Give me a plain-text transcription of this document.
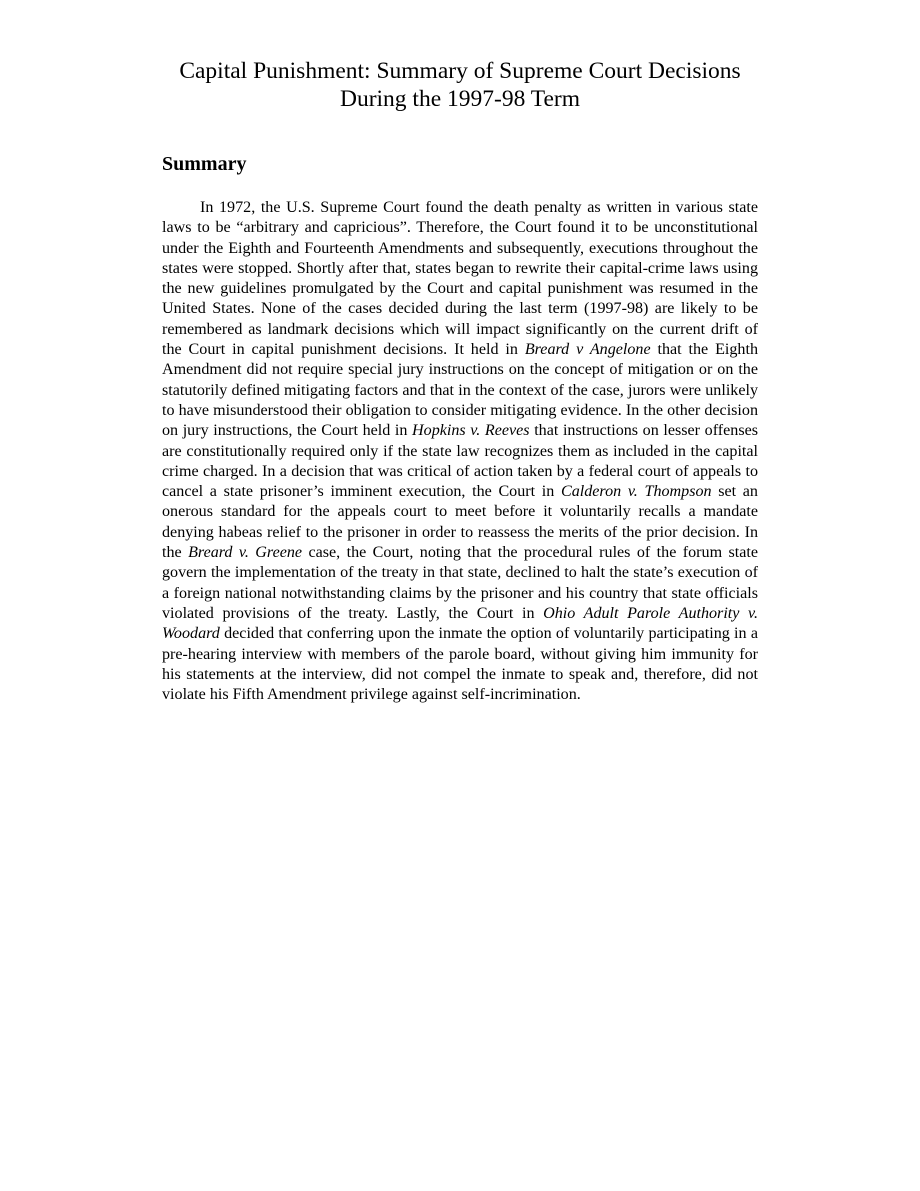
Capital Punishment: Summary of Supreme Court Decisions
During the 1997-98 Term
Summary

In 1972, the U.S. Supreme Court found the death penalty as written in various state laws to be “arbitrary and capricious”. Therefore, the Court found it to be unconstitutional under the Eighth and Fourteenth Amendments and subsequently, executions throughout the states were stopped. Shortly after that, states began to rewrite their capital-crime laws using the new guidelines promulgated by the Court and capital punishment was resumed in the United States. None of the cases decided during the last term (1997-98) are likely to be remembered as landmark decisions which will impact significantly on the current drift of the Court in capital punishment decisions. It held in Breard v Angelone that the Eighth Amendment did not require special jury instructions on the concept of mitigation or on the statutorily defined mitigating factors and that in the context of the case, jurors were unlikely to have misunderstood their obligation to consider mitigating evidence. In the other decision on jury instructions, the Court held in Hopkins v. Reeves that instructions on lesser offenses are constitutionally required only if the state law recognizes them as included in the capital crime charged. In a decision that was critical of action taken by a federal court of appeals to cancel a state prisoner’s imminent execution, the Court in Calderon v. Thompson set an onerous standard for the appeals court to meet before it voluntarily recalls a mandate denying habeas relief to the prisoner in order to reassess the merits of the prior decision. In the Breard v. Greene case, the Court, noting that the procedural rules of the forum state govern the implementation of the treaty in that state, declined to halt the state’s execution of a foreign national notwithstanding claims by the prisoner and his country that state officials violated provisions of the treaty. Lastly, the Court in Ohio Adult Parole Authority v. Woodard decided that conferring upon the inmate the option of voluntarily participating in a pre-hearing interview with members of the parole board, without giving him immunity for his statements at the interview, did not compel the inmate to speak and, therefore, did not violate his Fifth Amendment privilege against self-incrimination.
